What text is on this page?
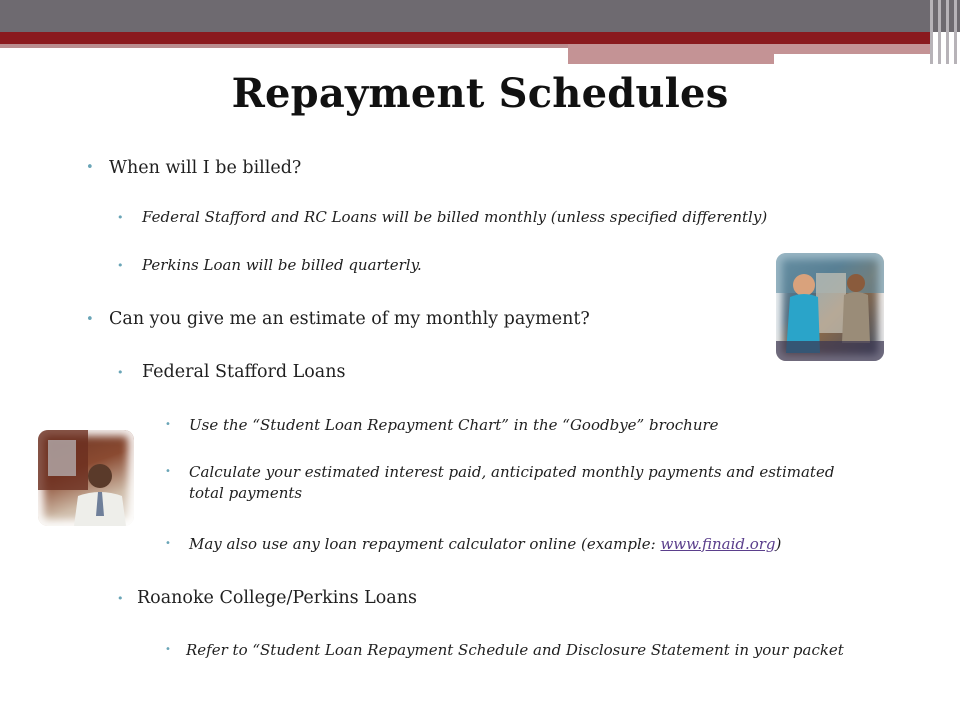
Repayment Schedules
• When will I be billed?
• Federal Stafford and RC Loans will be billed monthly (unless specified differently)
• Perkins Loan will be billed quarterly.
• Can you give me an estimate of my monthly payment?
• Federal Stafford Loans
• Use the “Student Loan Repayment Chart” in the “Goodbye” brochure
• Calculate your estimated interest paid, anticipated monthly payments and estimated
total payments
• May also use any loan repayment calculator online (example: www.finaid.org)
• Roanoke College/Perkins Loans
• Refer to “Student Loan Repayment Schedule and Disclosure Statement in your packet
